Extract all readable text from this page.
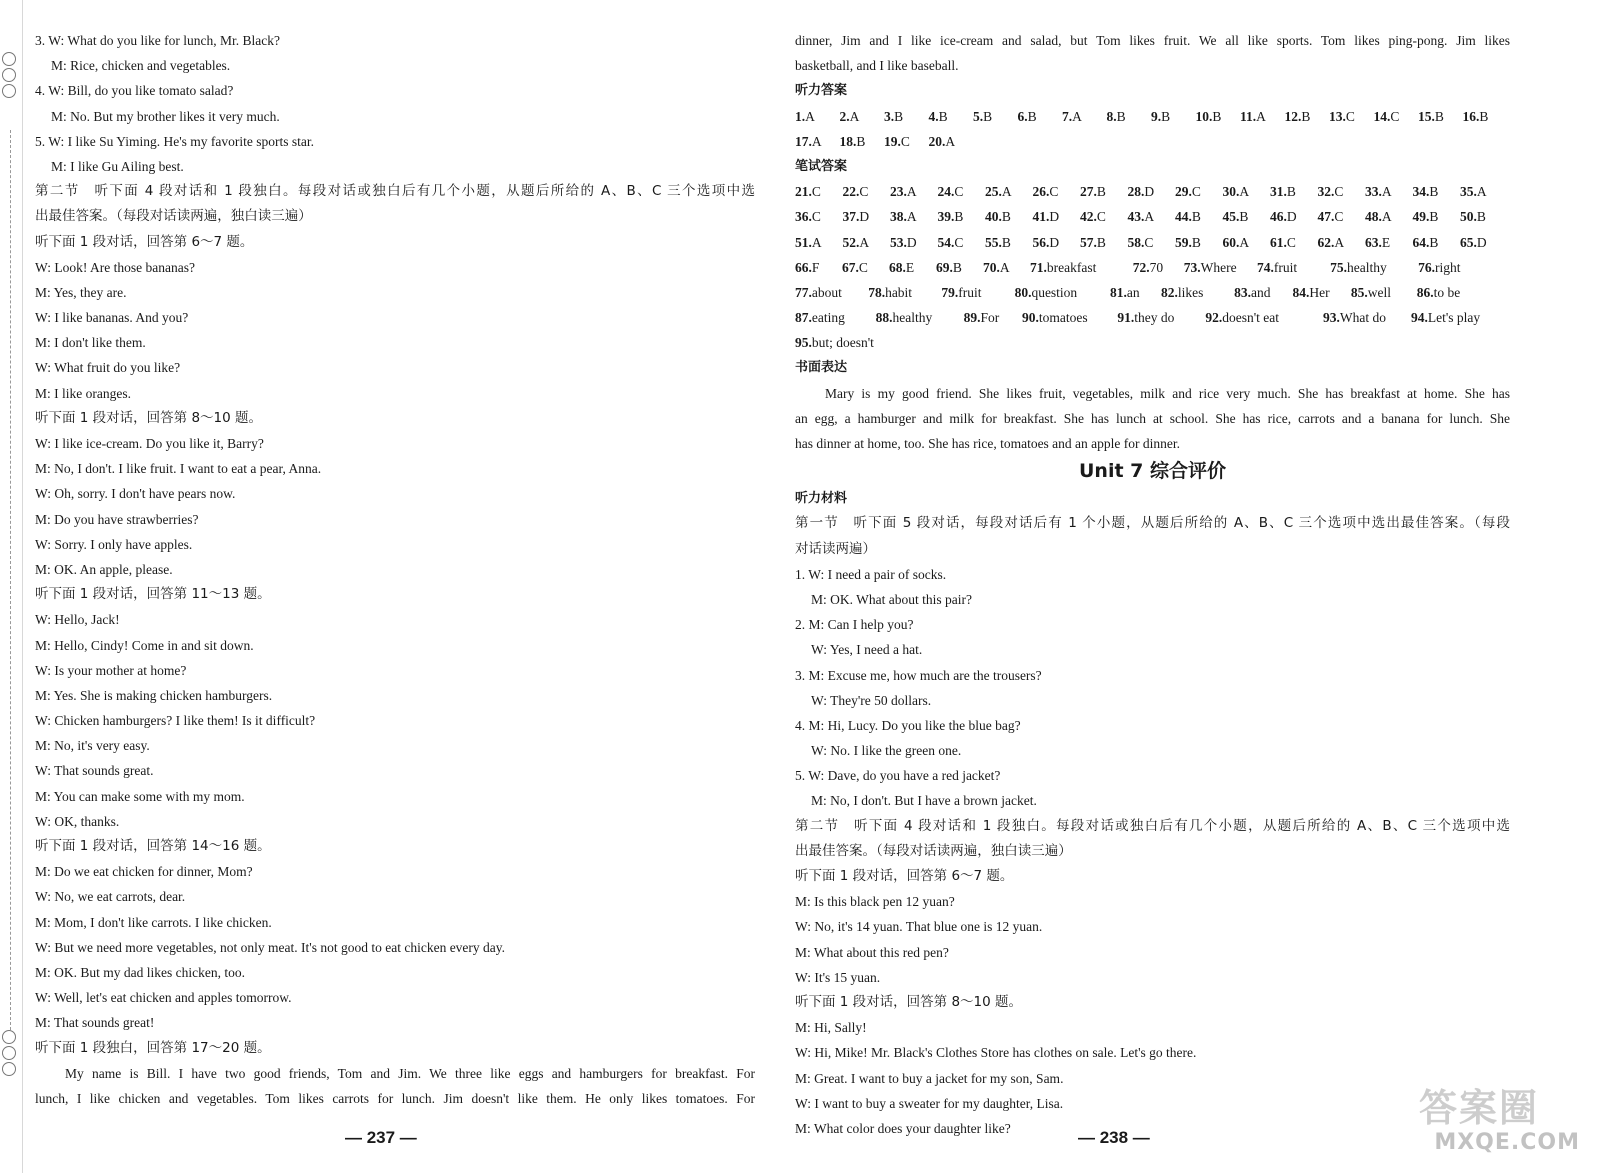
3. W: What do you like for lunch, Mr. Black?
M: Rice, chicken and vegetables.
4. W: Bill, do you like tomato salad?
M: No. But my brother likes it very much.
5. W: I like Su Yiming. He's my favorite sports star.
M: I like Gu Ailing best.
第二节　听下面 4 段对话和 1 段独白。每段对话或独白后有几个小题，从题后所给的 A、B、C 三个选项中选
出最佳答案。（每段对话读两遍，独白读三遍）
听下面 1 段对话，回答第 6～7 题。
W: Look! Are those bananas?
M: Yes, they are.
W: I like bananas. And you?
M: I don't like them.
W: What fruit do you like?
M: I like oranges.
听下面 1 段对话，回答第 8～10 题。
W: I like ice-cream. Do you like it, Barry?
M: No, I don't. I like fruit. I want to eat a pear, Anna.
W: Oh, sorry. I don't have pears now.
M: Do you have strawberries?
W: Sorry. I only have apples.
M: OK. An apple, please.
听下面 1 段对话，回答第 11～13 题。
W: Hello, Jack!
M: Hello, Cindy! Come in and sit down.
W: Is your mother at home?
M: Yes. She is making chicken hamburgers.
W: Chicken hamburgers? I like them! Is it difficult?
M: No, it's very easy.
W: That sounds great.
M: You can make some with my mom.
W: OK, thanks.
听下面 1 段对话，回答第 14～16 题。
M: Do we eat chicken for dinner, Mom?
W: No, we eat carrots, dear.
M: Mom, I don't like carrots. I like chicken.
W: But we need more vegetables, not only meat. It's not good to eat chicken every day.
M: OK. But my dad likes chicken, too.
W: Well, let's eat chicken and apples tomorrow.
M: That sounds great!
听下面 1 段独白，回答第 17～20 题。
My name is Bill. I have two good friends, Tom and Jim. We three like eggs and hamburgers for breakfast. For
lunch, I like chicken and vegetables. Tom likes carrots for lunch. Jim doesn't like them. He only likes tomatoes. For
— 237 —
dinner, Jim and I like ice-cream and salad, but Tom likes fruit. We all like sports. Tom likes ping-pong. Jim likes
basketball, and I like baseball.
听力答案
1.A 2.A 3.B 4.B 5.B 6.B 7.A 8.B 9.B 10.B 11.A 12.B 13.C 14.C 15.B 16.B
17.A 18.B 19.C 20.A
笔试答案
21.C 22.C 23.A 24.C 25.A 26.C 27.B 28.D 29.C 30.A 31.B 32.C 33.A 34.B 35.A
36.C 37.D 38.A 39.B 40.B 41.D 42.C 43.A 44.B 45.B 46.D 47.C 48.A 49.B 50.B
51.A 52.A 53.D 54.C 55.B 56.D 57.B 58.C 59.B 60.A 61.C 62.A 63.E 64.B 65.D
66.F 67.C 68.E 69.B 70.A 71.breakfast	72.70 73.Where 74.fruit 75.healthy 76.right
77.about 78.habit 79.fruit 80.question 81.an 82.likes 83.and 84.Her 85.well 86.to be
87.eating 88.healthy 89.For 90.tomatoes 91.they do 92.doesn't eat	93.What do 94.Let's play
95.but; doesn't
书面表达
Mary is my good friend. She likes fruit, vegetables, milk and rice very much. She has breakfast at home. She has
an egg, a hamburger and milk for breakfast. She has lunch at school. She has rice, carrots and a banana for lunch. She
has dinner at home, too. She has rice, tomatoes and an apple for dinner.
Unit 7 综合评价
听力材料
第一节　听下面 5 段对话，每段对话后有 1 个小题，从题后所给的 A、B、C 三个选项中选出最佳答案。（每段
对话读两遍）
1. W: I need a pair of socks.
M: OK. What about this pair?
2. M: Can I help you?
W: Yes, I need a hat.
3. M: Excuse me, how much are the trousers?
W: They're 50 dollars.
4. M: Hi, Lucy. Do you like the blue bag?
W: No. I like the green one.
5. W: Dave, do you have a red jacket?
M: No, I don't. But I have a brown jacket.
第二节　听下面 4 段对话和 1 段独白。每段对话或独白后有几个小题，从题后所给的 A、B、C 三个选项中选
出最佳答案。（每段对话读两遍，独白读三遍）
听下面 1 段对话，回答第 6～7 题。
M: Is this black pen 12 yuan?
W: No, it's 14 yuan. That blue one is 12 yuan.
M: What about this red pen?
W: It's 15 yuan.
听下面 1 段对话，回答第 8～10 题。
M: Hi, Sally!
W: Hi, Mike! Mr. Black's Clothes Store has clothes on sale. Let's go there.
M: Great. I want to buy a jacket for my son, Sam.
W: I want to buy a sweater for my daughter, Lisa.
M: What color does your daughter like?	— 238 —
答案圈
MXQE.COM
